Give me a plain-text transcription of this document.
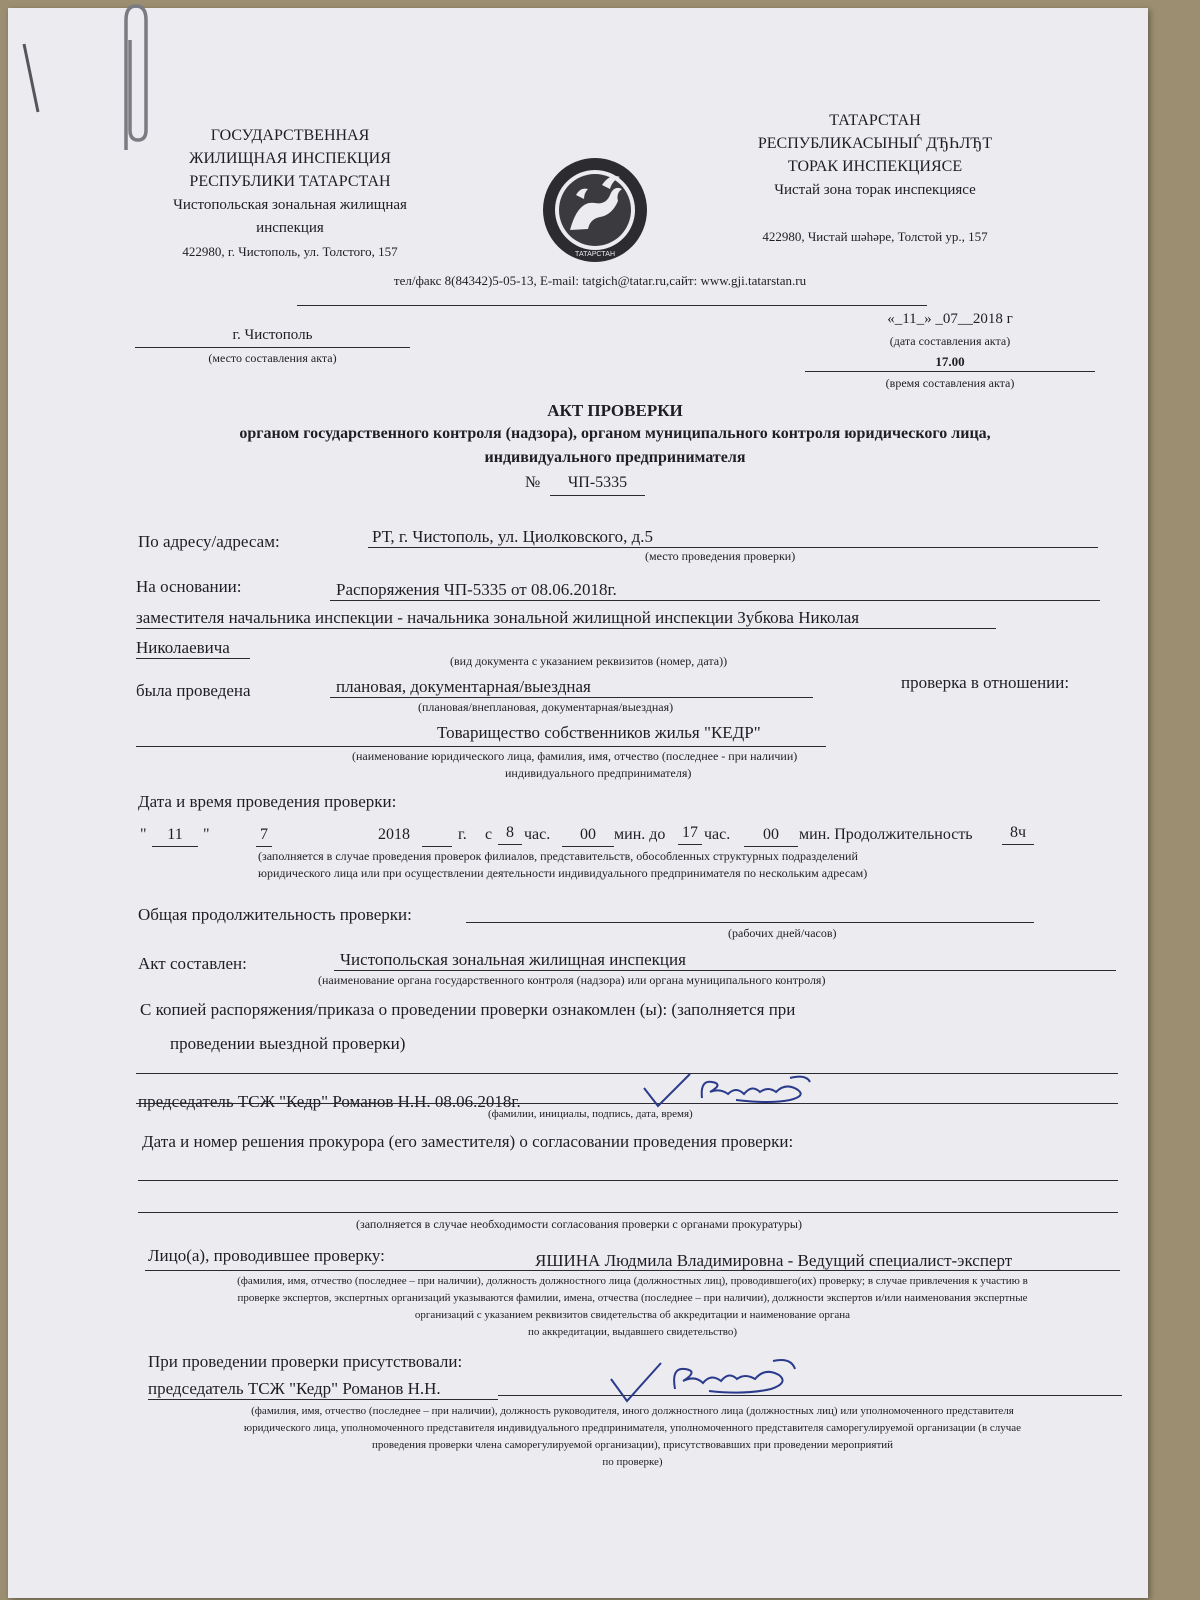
ГОСУДАРСТВЕННАЯ
ЖИЛИЩНАЯ ИНСПЕКЦИЯ
РЕСПУБЛИКИ ТАТАРСТАН
Чистопольская зональная жилищная
инспекция
422980, г. Чистополь, ул. Толстого, 157	ТАТАРСТАН
ТАТАРСТАН
РЕСПУБЛИКАСЫНЫЃ ДЂҺЛЂТ
ТОРАК ИНСПЕКЦИЯСЕ
Чистай зона торак инспекциясе
422980, Чистай шәһәре, Толстой ур., 157
тел/факс 8(84342)5-05-13, E-mail: tatgich@tatar.ru,сайт: www.gji.tatarstan.ru
г. Чистополь
(место составления акта)
«_11_» _07__2018 г
(дата составления акта)
17.00
(время составления акта)
АКТ ПРОВЕРКИ
органом государственного контроля (надзора), органом муниципального контроля юридического лица,
индивидуального предпринимателя
№	ЧП-5335
По адресу/адресам:	РТ, г. Чистополь, ул. Циолковского, д.5
(место проведения проверки)
На основании:	Распоряжения ЧП-5335 от 08.06.2018г.
заместителя начальника инспекции - начальника зональной жилищной инспекции Зубкова Николая
Николаевича
(вид документа с указанием реквизитов (номер, дата))
была проведена	плановая, документарная/выездная	проверка в отношении:
(плановая/внеплановая, документарная/выездная)
Товарищество собственников жилья "КЕДР"
(наименование юридического лица, фамилия, имя, отчество (последнее - при наличии)
индивидуального предпринимателя)
Дата и время проведения проверки:
"	11	"	7	2018	г. с 8 час.	00	мин. до 17 час.	00	мин. Продолжительность	8ч
(заполняется в случае проведения проверок филиалов, представительств, обособленных структурных подразделений
юридического лица или при осуществлении деятельности индивидуального предпринимателя по нескольким адресам)
Общая продолжительность проверки:
(рабочих дней/часов)
Акт составлен:	Чистопольская зональная жилищная инспекция
(наименование органа государственного контроля (надзора) или органа муниципального контроля)
С копией распоряжения/приказа о проведении проверки ознакомлен (ы): (заполняется при
проведении выездной проверки)
председатель ТСЖ "Кедр" Романов Н.Н. 08.06.2018г.
(фамилии, инициалы, подпись, дата, время)
Дата и номер решения прокурора (его заместителя) о согласовании проведения проверки:
(заполняется в случае необходимости согласования проверки с органами прокуратуры)
Лицо(а), проводившее проверку:	ЯШИНА Людмила Владимировна - Ведущий специалист-эксперт
(фамилия, имя, отчество (последнее – при наличии), должность должностного лица (должностных лиц), проводившего(их) проверку; в случае привлечения к участию в
проверке экспертов, экспертных организаций указываются фамилии, имена, отчества (последнее – при наличии), должности экспертов и/или наименования экспертные
организаций с указанием реквизитов свидетельства об аккредитации и наименование органа
по аккредитации, выдавшего свидетельство)
При проведении проверки присутствовали:
председатель ТСЖ "Кедр" Романов Н.Н.
(фамилия, имя, отчество (последнее – при наличии), должность руководителя, иного должностного лица (должностных лиц) или уполномоченного представителя
юридического лица, уполномоченного представителя индивидуального предпринимателя, уполномоченного представителя саморегулируемой организации (в случае
проведения проверки члена саморегулируемой организации), присутствовавших при проведении мероприятий
по проверке)
